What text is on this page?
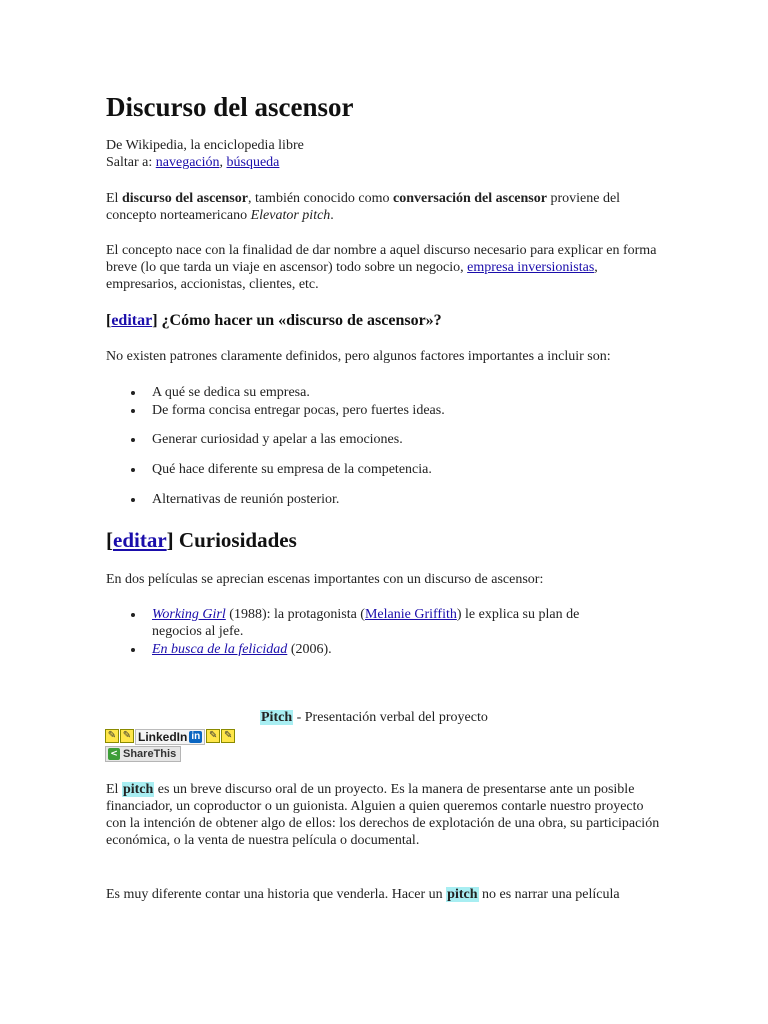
Discurso del ascensor
De Wikipedia, la enciclopedia libre
Saltar a: navegación, búsqueda
El discurso del ascensor, también conocido como conversación del ascensor proviene del concepto norteamericano Elevator pitch.
El concepto nace con la finalidad de dar nombre a aquel discurso necesario para explicar en forma breve (lo que tarda un viaje en ascensor) todo sobre un negocio, empresa inversionistas, empresarios, accionistas, clientes, etc.
[editar] ¿Cómo hacer un «discurso de ascensor»?
No existen patrones claramente definidos, pero algunos factores importantes a incluir son:
A qué se dedica su empresa.
De forma concisa entregar pocas, pero fuertes ideas.
Generar curiosidad y apelar a las emociones.
Qué hace diferente su empresa de la competencia.
Alternativas de reunión posterior.
[editar] Curiosidades
En dos películas se aprecian escenas importantes con un discurso de ascensor:
Working Girl (1988): la protagonista (Melanie Griffith) le explica su plan de negocios al jefe.
En busca de la felicidad (2006).
Pitch - Presentación verbal del proyecto
✎ ✎ LinkedIn in ✎ ✎
< ShareThis
El pitch es un breve discurso oral de un proyecto. Es la manera de presentarse ante un posible financiador, un coproductor o un guionista. Alguien a quien queremos contarle nuestro proyecto con la intención de obtener algo de ellos: los derechos de explotación de una obra, su participación económica, o la venta de nuestra película o documental.
Es muy diferente contar una historia que venderla. Hacer un pitch no es narrar una película
